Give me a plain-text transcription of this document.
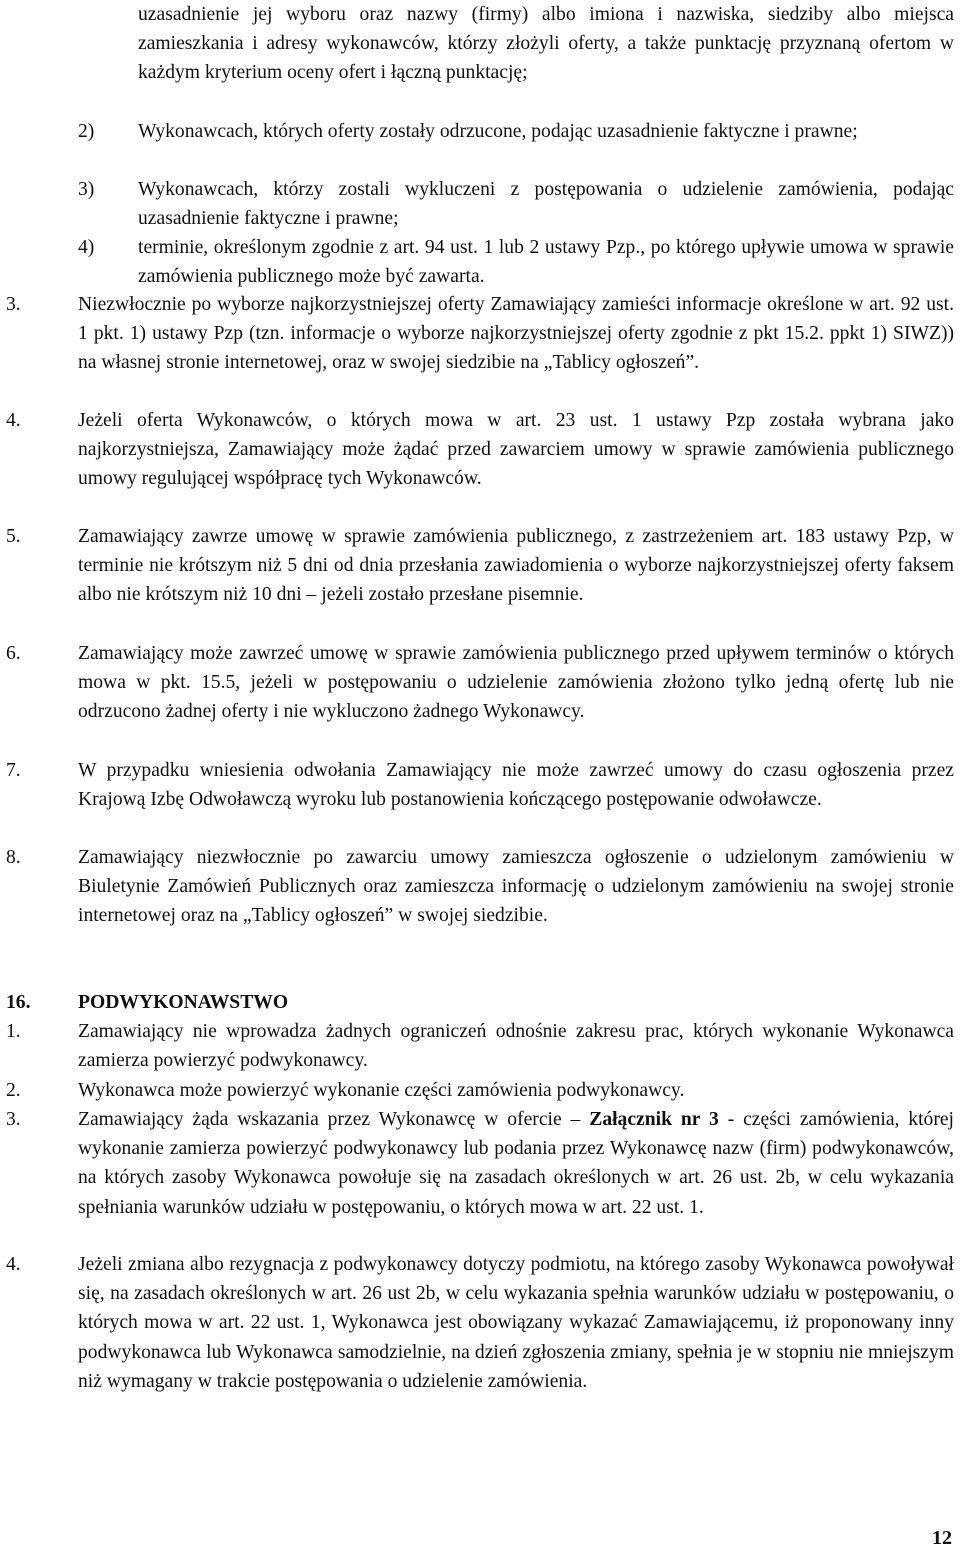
uzasadnienie jej wyboru oraz nazwy (firmy) albo imiona i nazwiska, siedziby albo miejsca zamieszkania i adresy wykonawców, którzy złożyli oferty, a także punktację przyznaną ofertom w każdym kryterium oceny ofert i łączną punktację;

2) Wykonawcach, których oferty zostały odrzucone, podając uzasadnienie faktyczne i prawne;

3) Wykonawcach, którzy zostali wykluczeni z postępowania o udzielenie zamówienia, podając uzasadnienie faktyczne i prawne;

4) terminie, określonym zgodnie z art. 94 ust. 1 lub 2 ustawy Pzp., po którego upływie umowa w sprawie zamówienia publicznego może być zawarta.

3.	Niezwłocznie po wyborze najkorzystniejszej oferty Zamawiający zamieści informacje określone w art. 92 ust. 1 pkt. 1) ustawy Pzp (tzn. informacje o wyborze najkorzystniejszej oferty zgodnie z pkt 15.2. ppkt 1) SIWZ)) na własnej stronie internetowej, oraz w swojej siedzibie na „Tablicy ogłoszeń”.

4.	Jeżeli oferta Wykonawców, o których mowa w art. 23 ust. 1 ustawy Pzp została wybrana jako najkorzystniejsza, Zamawiający może żądać przed zawarciem umowy w sprawie zamówienia publicznego umowy regulującej współpracę tych Wykonawców.

5.	Zamawiający zawrze umowę w sprawie zamówienia publicznego, z zastrzeżeniem art. 183 ustawy Pzp, w terminie nie krótszym niż 5 dni od dnia przesłania zawiadomienia o wyborze najkorzystniejszej oferty faksem albo nie krótszym niż 10 dni – jeżeli zostało przesłane pisemnie.

6.	Zamawiający może zawrzeć umowę w sprawie zamówienia publicznego przed upływem terminów o których mowa w pkt. 15.5, jeżeli w postępowaniu o udzielenie zamówienia złożono tylko jedną ofertę lub nie odrzucono żadnej oferty i nie wykluczono żadnego Wykonawcy.

7.	W przypadku wniesienia odwołania Zamawiający nie może zawrzeć umowy do czasu ogłoszenia przez Krajową Izbę Odwoławczą wyroku lub postanowienia kończącego postępowanie odwoławcze.

8.	Zamawiający niezwłocznie po zawarciu umowy zamieszcza ogłoszenie o udzielonym zamówieniu w Biuletynie Zamówień Publicznych oraz zamieszcza informację o udzielonym zamówieniu na swojej stronie internetowej oraz na „Tablicy ogłoszeń” w swojej siedzibie.

16. PODWYKONAWSTWO

1.	Zamawiający nie wprowadza żadnych ograniczeń odnośnie zakresu prac, których wykonanie Wykonawca zamierza powierzyć podwykonawcy.

2.	Wykonawca może powierzyć wykonanie części zamówienia podwykonawcy.

3.	Zamawiający żąda wskazania przez Wykonawcę w ofercie – Załącznik nr 3 - części zamówienia, której wykonanie zamierza powierzyć podwykonawcy lub podania przez Wykonawcę nazw (firm) podwykonawców, na których zasoby Wykonawca powołuje się na zasadach określonych w art. 26 ust. 2b, w celu wykazania spełniania warunków udziału w postępowaniu, o których mowa w art. 22 ust. 1.

4.	Jeżeli zmiana albo rezygnacja z podwykonawcy dotyczy podmiotu, na którego zasoby Wykonawca powoływał się, na zasadach określonych w art. 26 ust 2b, w celu wykazania spełnia warunków udziału w postępowaniu, o których mowa w art. 22 ust. 1, Wykonawca jest obowiązany wykazać Zamawiającemu, iż proponowany inny podwykonawca lub Wykonawca samodzielnie, na dzień zgłoszenia zmiany, spełnia je w stopniu nie mniejszym niż wymagany w trakcie postępowania o udzielenie zamówienia.

12
